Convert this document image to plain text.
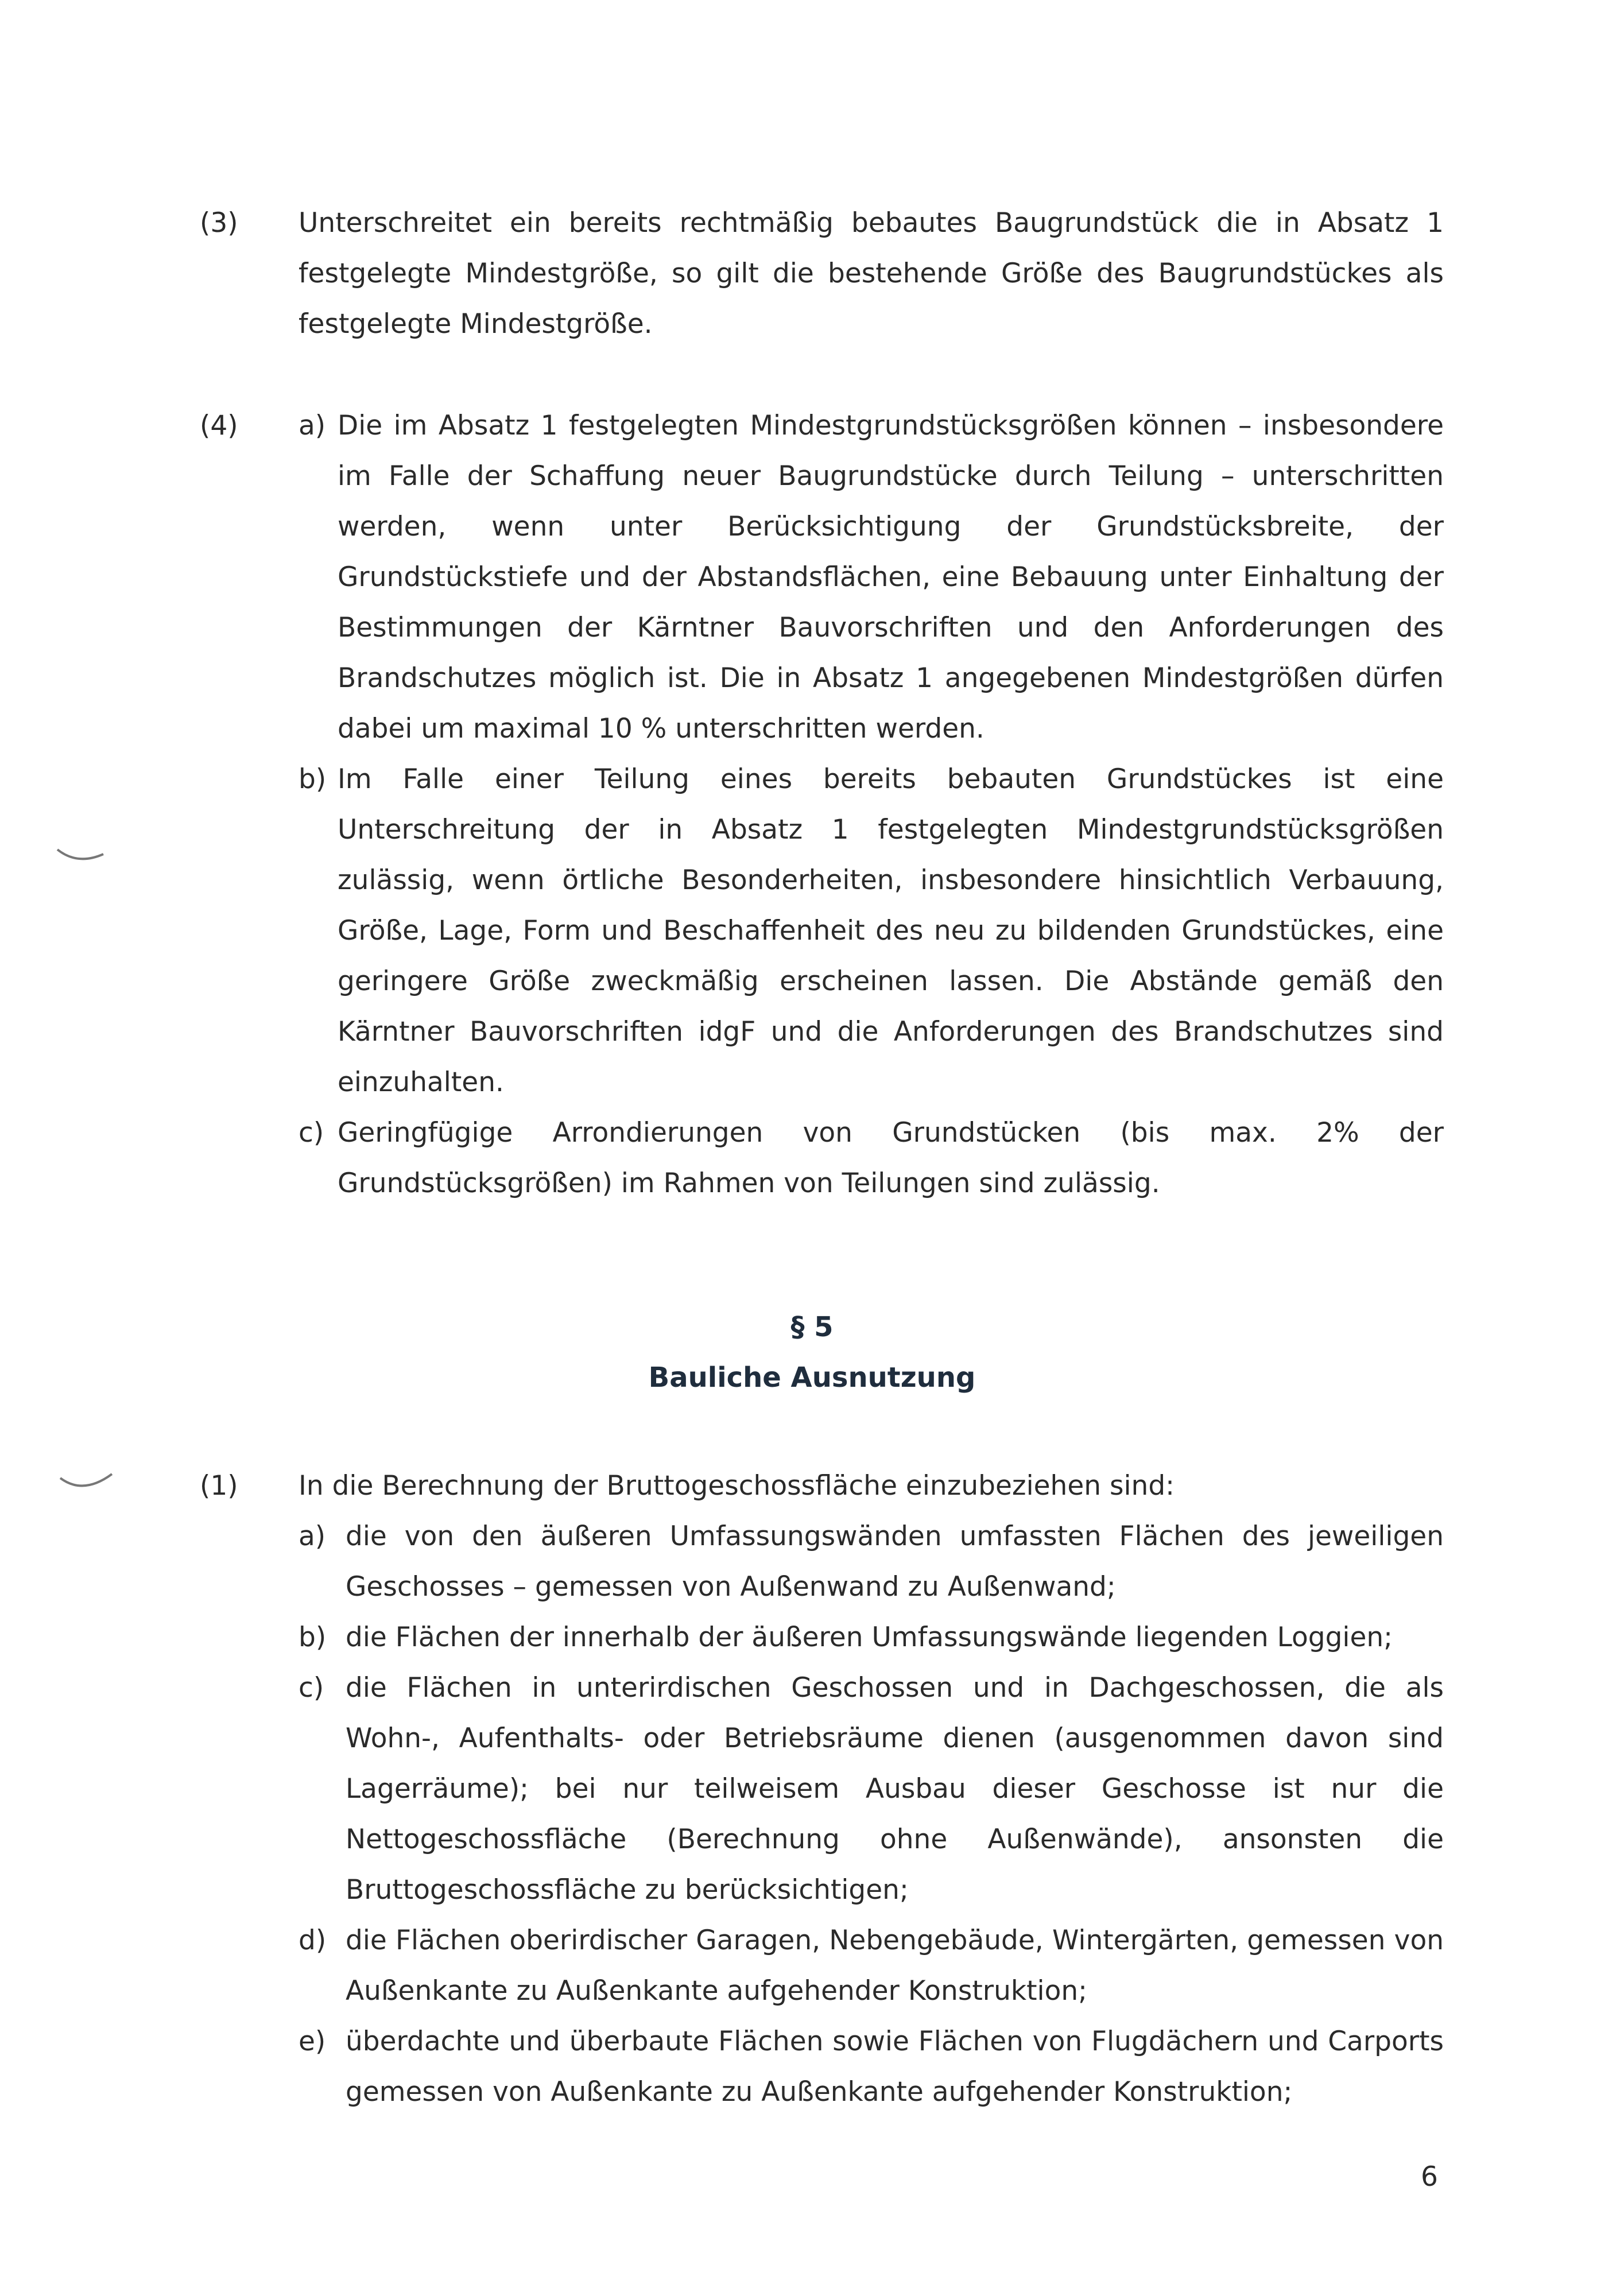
(3) Unterschreitet ein bereits rechtmäßig bebautes Baugrundstück die in Absatz 1 festgelegte Mindestgröße, so gilt die bestehende Größe des Baugrundstückes als festgelegte Mindestgröße.
(4) a) Die im Absatz 1 festgelegten Mindestgrundstücksgrößen können – insbesondere im Falle der Schaffung neuer Baugrundstücke durch Teilung – unterschritten werden, wenn unter Berücksichtigung der Grundstücksbreite, der Grundstückstiefe und der Abstandsflächen, eine Bebauung unter Einhaltung der Bestimmungen der Kärntner Bauvorschriften und den Anforderungen des Brandschutzes möglich ist. Die in Absatz 1 angegebenen Mindestgrößen dürfen dabei um maximal 10 % unterschritten werden.
b) Im Falle einer Teilung eines bereits bebauten Grundstückes ist eine Unterschreitung der in Absatz 1 festgelegten Mindestgrundstücksgrößen zulässig, wenn örtliche Besonderheiten, insbesondere hinsichtlich Verbauung, Größe, Lage, Form und Beschaffenheit des neu zu bildenden Grundstückes, eine geringere Größe zweckmäßig erscheinen lassen. Die Abstände gemäß den Kärntner Bauvorschriften idgF und die Anforderungen des Brandschutzes sind einzuhalten.
c) Geringfügige Arrondierungen von Grundstücken (bis max. 2% der Grundstücksgrößen) im Rahmen von Teilungen sind zulässig.
§ 5
Bauliche Ausnutzung
(1) In die Berechnung der Bruttogeschossfläche einzubeziehen sind:
a) die von den äußeren Umfassungswänden umfassten Flächen des jeweiligen Geschosses – gemessen von Außenwand zu Außenwand;
b) die Flächen der innerhalb der äußeren Umfassungswände liegenden Loggien;
c) die Flächen in unterirdischen Geschossen und in Dachgeschossen, die als Wohn-, Aufenthalts- oder Betriebsräume dienen (ausgenommen davon sind Lagerräume); bei nur teilweisem Ausbau dieser Geschosse ist nur die Nettogeschossfläche (Berechnung ohne Außenwände), ansonsten die Bruttogeschossfläche zu berücksichtigen;
d) die Flächen oberirdischer Garagen, Nebengebäude, Wintergärten, gemessen von Außenkante zu Außenkante aufgehender Konstruktion;
e) überdachte und überbaute Flächen sowie Flächen von Flugdächern und Carports gemessen von Außenkante zu Außenkante aufgehender Konstruktion;
6
